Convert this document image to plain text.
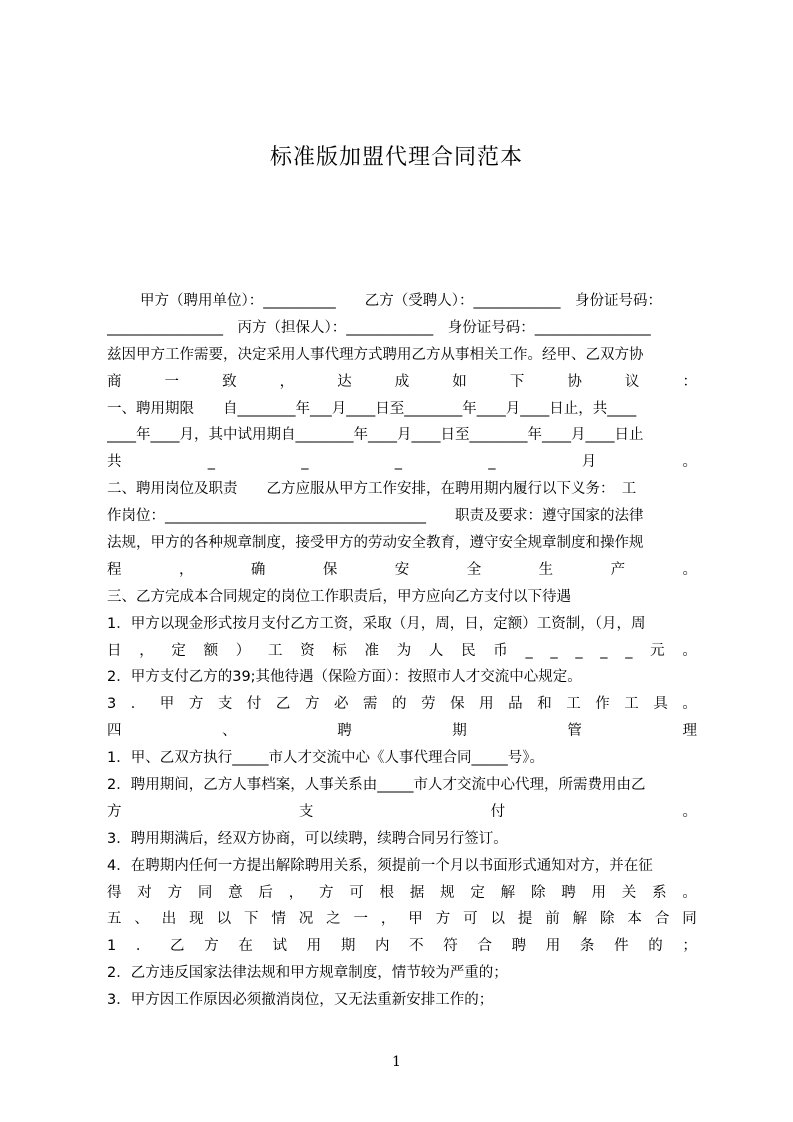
标准版加盟代理合同范本
甲方（聘用单位）：__________　　乙方（受聘人）：____________　身份证号码：
________________　丙方（担保人）：____________　身份证号码：________________
兹因甲方工作需要，决定采用人事代理方式聘用乙方从事相关工作。经甲、乙双方协
商	一	致	，	达	成	如	下	协	议	：
一、聘用期限　　自________年___月____日至________年____月____日止，共____
____年____月，其中试用期自________年____月____日至________年____月____日止
共	_	_	_	_	月	。
二、聘用岗位及职责　　乙方应服从甲方工作安排，在聘用期内履行以下义务：　工
作岗位：____________________________________　　职责及要求：遵守国家的法律
法规，甲方的各种规章制度，接受甲方的劳动安全教育，遵守安全规章制度和操作规
程	，	确	保	安	全	生	产	。
三、乙方完成本合同规定的岗位工作职责后，甲方应向乙方支付以下待遇
1．甲方以现金形式按月支付乙方工资，采取（月，周，日，定额）工资制，（月，周
日 ， 定 额 ） 工 资 标 准 为 人 民 币 _ _ _ _ _ 元 。
2．甲方支付乙方的39;其他待遇（保险方面）：按照市人才交流中心规定。
3 ． 甲 方 支 付 乙 方 必 需 的 劳 保 用 品 和 工 作 工 具 。
四	、	聘	期	管	理
1．甲、乙双方执行_____市人才交流中心《人事代理合同_____号》。
2．聘用期间，乙方人事档案，人事关系由_____市人才交流中心代理，所需费用由乙
方	支	付	。
3．聘用期满后，经双方协商，可以续聘，续聘合同另行签订。
4．在聘期内任何一方提出解除聘用关系，须提前一个月以书面形式通知对方，并在征
得 对 方 同 意 后 ， 方 可 根 据 规 定 解 除 聘 用 关 系 。
五 、 出 现 以 下 情 况 之 一 ， 甲 方 可 以 提 前 解 除 本 合 同
1 ． 乙 方 在 试 用 期 内 不 符 合 聘 用 条 件 的 ；
2．乙方违反国家法律法规和甲方规章制度，情节较为严重的；
3．甲方因工作原因必须撤消岗位，又无法重新安排工作的；
1
